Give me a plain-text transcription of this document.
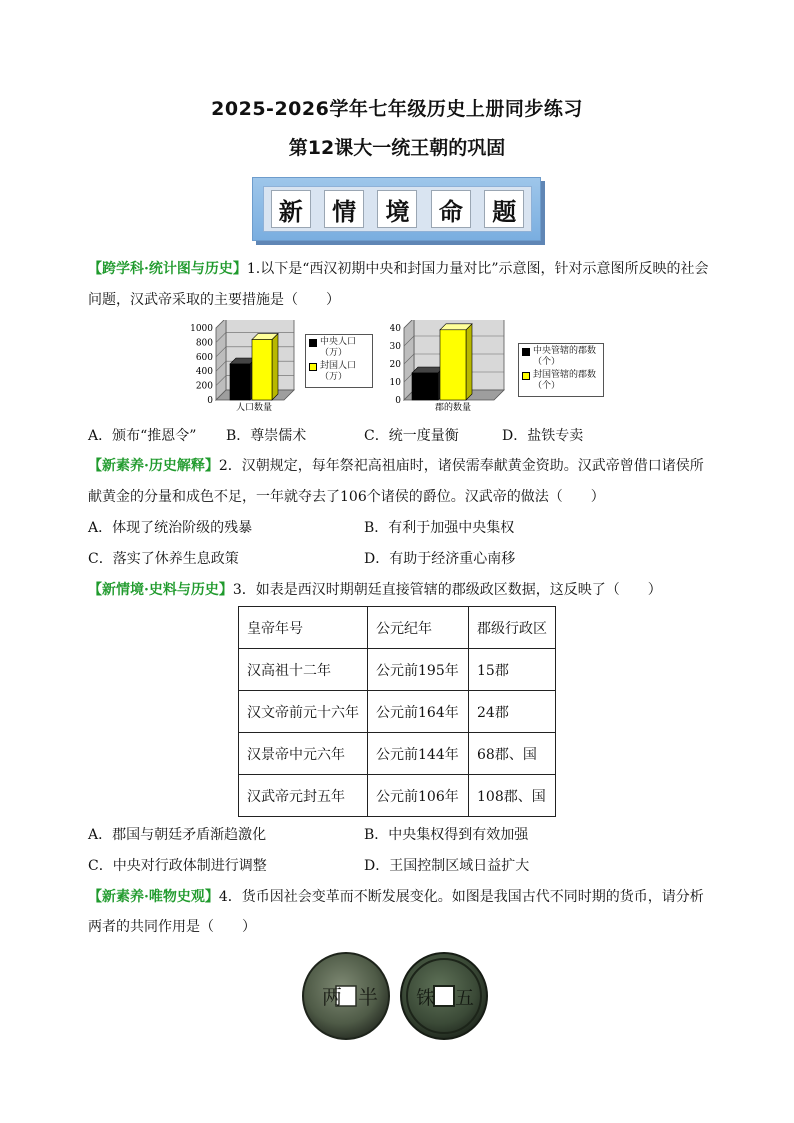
2025-2026学年七年级历史上册同步练习
第12课大一统王朝的巩固
新	情	境	命	题
【跨学科·统计图与历史】1.以下是“西汉初期中央和封国力量对比”示意图，针对示意图所反映的社会
问题，汉武帝采取的主要措施是（　　）
0
200
400
600
800
1000
人口数量
中央人口（万）
封国人口（万）
0
10
20
30
40
郡的数量
中央管辖的郡数（个）
封国管辖的郡数（个）
A．颁布“推恩令” B．尊崇儒术	C．统一度量衡	D．盐铁专卖
【新素养·历史解释】2．汉朝规定，每年祭祀高祖庙时，诸侯需奉献黄金资助。汉武帝曾借口诸侯所
献黄金的分量和成色不足，一年就夺去了106个诸侯的爵位。汉武帝的做法（　　）
A．体现了统治阶级的残暴	B．有利于加强中央集权
C．落实了休养生息政策	D．有助于经济重心南移
【新情境·史料与历史】3．如表是西汉时期朝廷直接管辖的郡级政区数据，这反映了（　　）
皇帝年号	公元纪年	郡级行政区
汉高祖十二年	公元前195年	15郡
汉文帝前元十六年	公元前164年	24郡
汉景帝中元六年	公元前144年	68郡、国
汉武帝元封五年	公元前106年	108郡、国
A．郡国与朝廷矛盾渐趋激化	B．中央集权得到有效加强
C．中央对行政体制进行调整	D．王国控制区域日益扩大
【新素养·唯物史观】4．货币因社会变革而不断发展变化。如图是我国古代不同时期的货币，请分析
两者的共同作用是（　　）
两 半 铢 五
